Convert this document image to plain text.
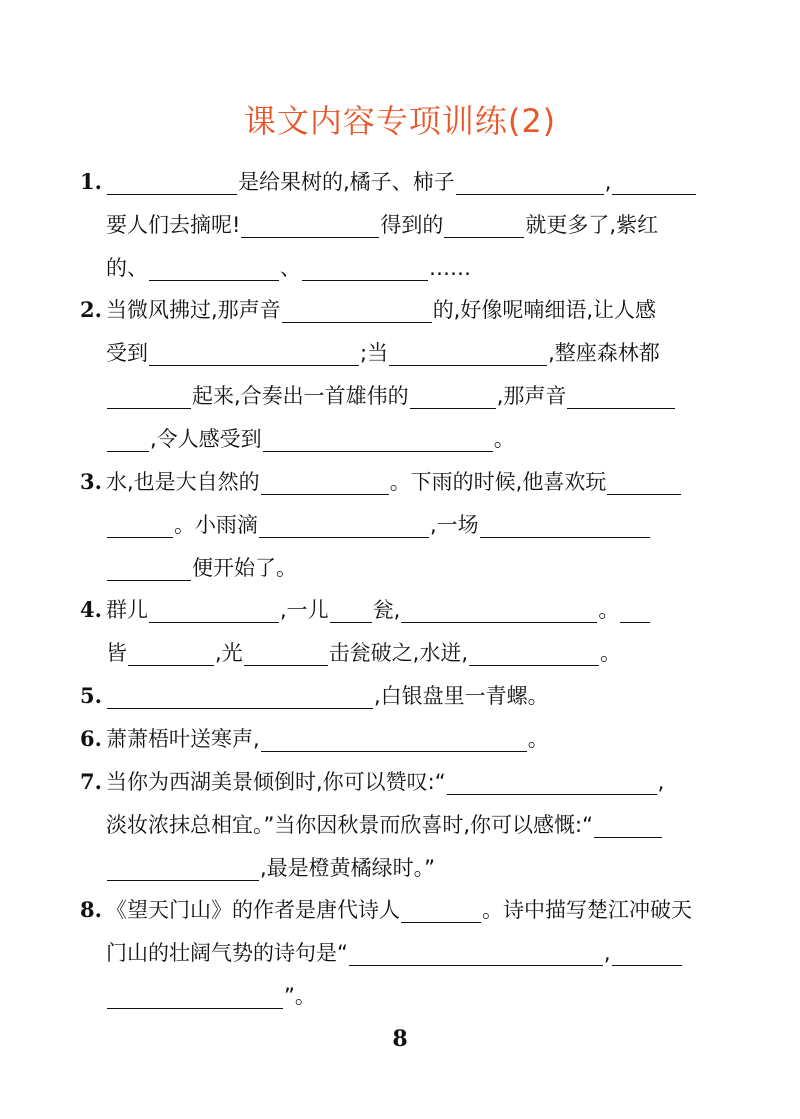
课文内容专项训练(2)
1.	是给果树的,橘子、柿子	,
要人们去摘呢!	得到的	就更多了,紫红
的、	、	……
2. 当微风拂过,那声音	的,好像呢喃细语,让人感
受到	;当	,整座森林都
起来,合奏出一首雄伟的	,那声音
,令人感受到	。
3. 水,也是大自然的	。下雨的时候,他喜欢玩
。小雨滴	,一场
便开始了。
4. 群儿	,一儿 瓮,	。
皆	,光	击瓮破之,水迸,	。
5.	,白银盘里一青螺。
6. 萧萧梧叶送寒声,	。
7. 当你为西湖美景倾倒时,你可以赞叹:“	,
淡妆浓抹总相宜。”当你因秋景而欣喜时,你可以感慨:“
,最是橙黄橘绿时。”
8. 《望天门山》的作者是唐代诗人	。诗中描写楚江冲破天
门山的壮阔气势的诗句是“	,
”。
8
